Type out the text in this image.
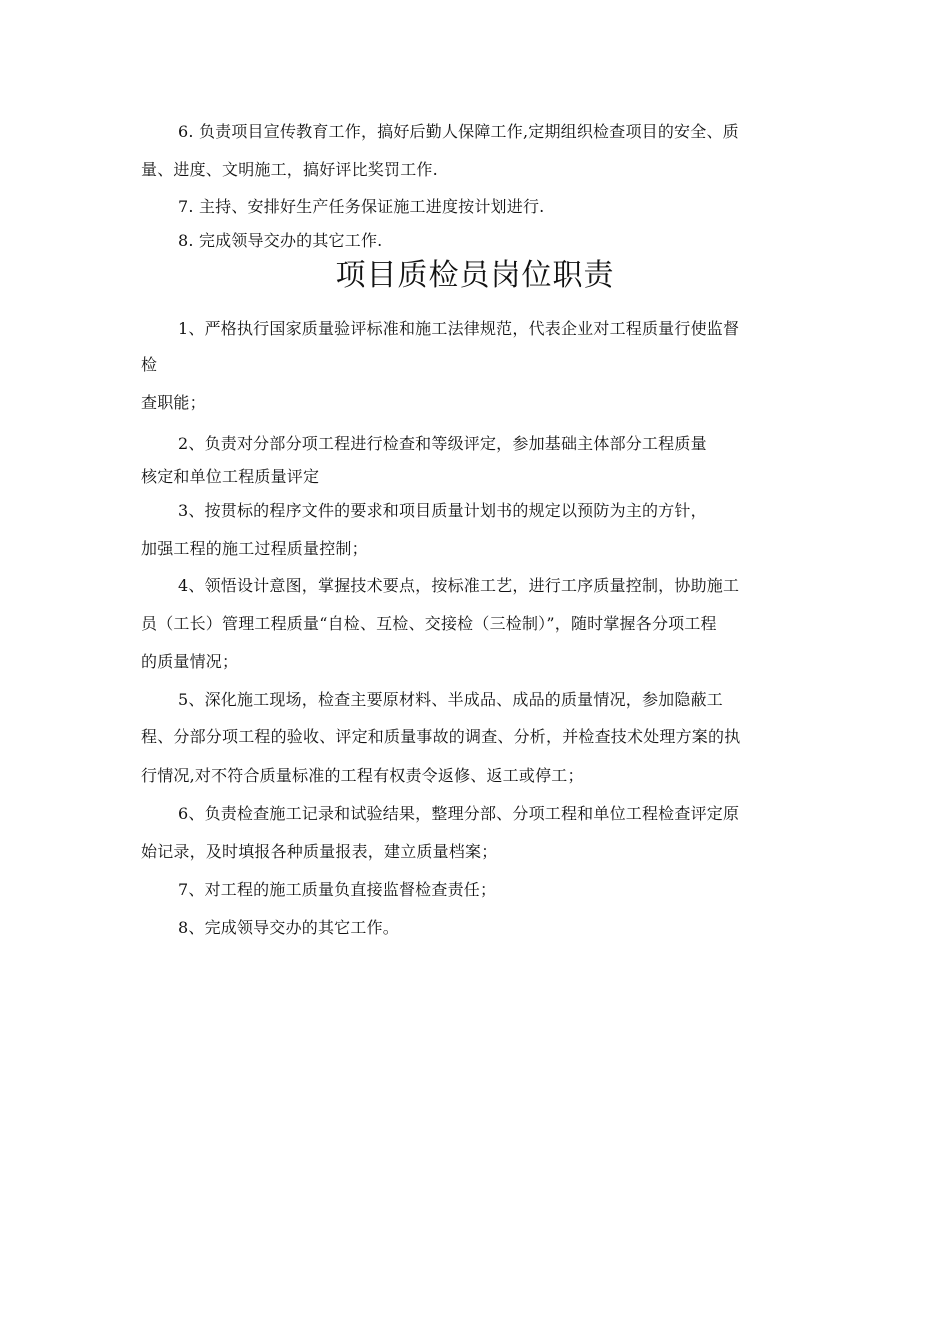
6. 负责项目宣传教育工作，搞好后勤人保障工作,定期组织检查项目的安全、质
量、进度、文明施工，搞好评比奖罚工作.
7. 主持、安排好生产任务保证施工进度按计划进行.
8. 完成领导交办的其它工作.
项目质检员岗位职责
1、严格执行国家质量验评标准和施工法律规范，代表企业对工程质量行使监督
检
查职能；
2、负责对分部分项工程进行检查和等级评定，参加基础主体部分工程质量
核定和单位工程质量评定
3、按贯标的程序文件的要求和项目质量计划书的规定以预防为主的方针，
加强工程的施工过程质量控制；
4、领悟设计意图，掌握技术要点，按标准工艺，进行工序质量控制，协助施工
员（工长）管理工程质量“自检、互检、交接检（三检制）”，随时掌握各分项工程
的质量情况；
5、深化施工现场，检查主要原材料、半成品、成品的质量情况，参加隐蔽工
程、分部分项工程的验收、评定和质量事故的调查、分析，并检查技术处理方案的执
行情况,对不符合质量标准的工程有权责令返修、返工或停工；
6、负责检查施工记录和试验结果，整理分部、分项工程和单位工程检查评定原
始记录，及时填报各种质量报表，建立质量档案；
7、对工程的施工质量负直接监督检查责任；
8、完成领导交办的其它工作。
